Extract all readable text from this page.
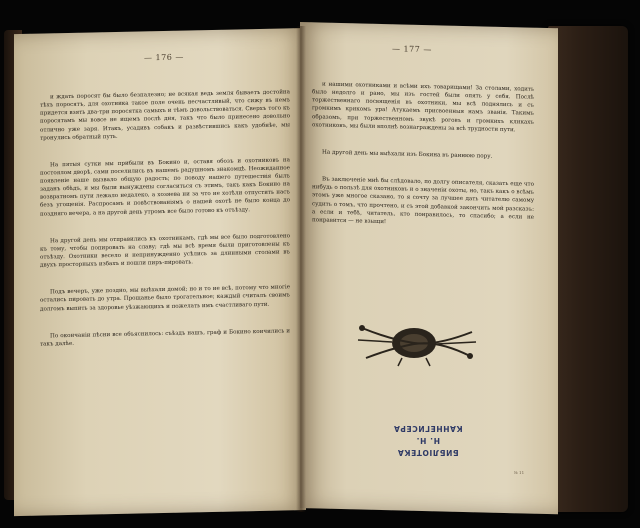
— 176 —

и ждать поросят бы было безпалезно; не всякая ведь земля бываетъ достойна тѣхъ поросятъ, для охотника такое поле очень несчастливый, что сижу въ немъ придется взять два-три поросятка самыхъ и тѣмъ довольствоваться. Сверхъ того къ поросятамъ мы вовсе не ищемъ послѣ дня, такъ что было принесено довольно отлично уже заря. Итакъ, усадивъ собакъ и развѣстившись какъ удобнѣе, мы тронулись обратный путь.

На пятыя сутки мы прибыли въ Бокино и, оставя обозъ и охотниковъ на постоялом дворѣ, сами поселились въ нашемъ радушномъ знакомцѣ. Неожиданное появленіе наше вызвало общую радость; по поводу нашего путешествія былъ заданъ обѣдъ, и мы были вынуждены согласиться съ этимъ, такъ какъ Бокино на возвратномъ пути лежало недалеко, а хозяева ни за что не хотѣли отпустить насъ безъ угощенія. Распросамъ и повѣствованіямъ о нашей охотѣ не было конца до поздняго вечера, а на другой день утромъ все было готово къ отъѣзду.

На другой день мы отправились къ охотникамъ, гдѣ мы все было подготовлено къ тому, чтобы попировать на славу; гдѣ мы всѣ время были приготовлены къ отъѣзду. Охотники весело и непринужденно усѣлись за длинными столами въ двухъ просторныхъ избахъ и пошли пиръ-пировать.

Подъ вечеръ, уже поздно, мы выѣхали домой; но и то не всѣ, потому что многіе остались пировать до утра. Прощанье было трогательное; каждый считалъ своимъ долгомъ выпить за здоровье уѣзжающихъ и пожелать имъ счастливаго пути.

По окончаніи пѣсни все объяснилось: съѣздъ нашъ, граф и Бокино кончились и такъ далѣе.

— 177 —

и нашими охотниками и всѣми ихъ товарищами! За столами, ходить было недолго и рано, мы изъ гостей были опять у себя. Послѣ торжественнаго посвященія въ охотники, мы всѣ поднялись и съ громкимъ крикомъ ура! Атукаемъ присвоенныя намъ званія. Такимъ образомъ, при торжественномъ звукѣ роговъ и громкихъ кликахъ охотниковъ, мы были вполнѣ вознаграждены за всѣ трудности пути.

На другой день мы выѣхали изъ Бокина въ раннюю пору.

Въ заключеніе мнѣ бы слѣдовало, по долгу описателя, сказать еще что нибудь о пользѣ для охотниковъ и о значеніи охоты, но, такъ какъ о всѣмъ этомъ уже многое сказано, то я сочту за лучшее дать читателю самому судить о томъ, что прочтено, и съ этой добавкой закончить мой разсказъ: а если и тебѣ, читатель, кто понравилось, то спасибо; а если не понравится — не взыщи!

БИБЛІОТЕКА
Н. Н.
КАННЕГИСЕРА
№ 11
